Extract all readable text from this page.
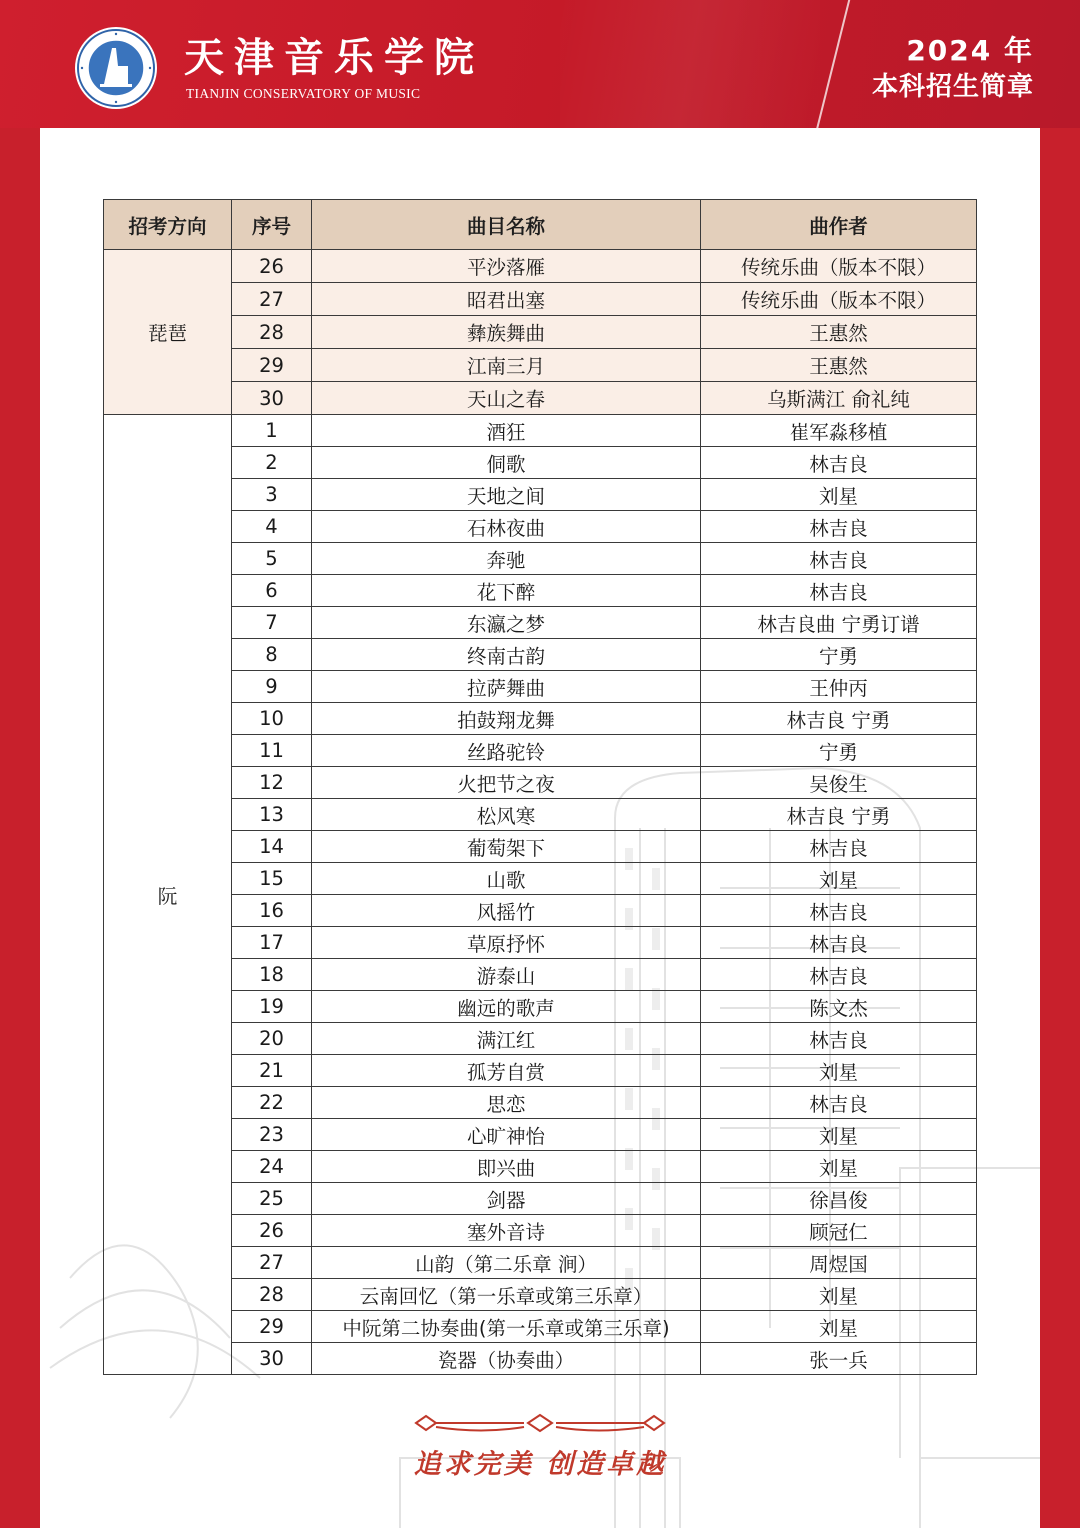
天津音乐学院
TIANJIN CONSERVATORY OF MUSIC
2024 年
本科招生简章
招考方向	序号	曲目名称	曲作者
琵琶	26	平沙落雁	传统乐曲（版本不限）
	27	昭君出塞	传统乐曲（版本不限）
	28	彝族舞曲	王惠然
	29	江南三月	王惠然
	30	天山之春	乌斯满江 俞礼纯
阮	1	酒狂	崔军淼移植
	2	侗歌	林吉良
	3	天地之间	刘星
	4	石林夜曲	林吉良
	5	奔驰	林吉良
	6	花下醉	林吉良
	7	东瀛之梦	林吉良曲 宁勇订谱
	8	终南古韵	宁勇
	9	拉萨舞曲	王仲丙
	10	拍鼓翔龙舞	林吉良 宁勇
	11	丝路驼铃	宁勇
	12	火把节之夜	吴俊生
	13	松风寒	林吉良 宁勇
	14	葡萄架下	林吉良
	15	山歌	刘星
	16	风摇竹	林吉良
	17	草原抒怀	林吉良
	18	游泰山	林吉良
	19	幽远的歌声	陈文杰
	20	满江红	林吉良
	21	孤芳自赏	刘星
	22	思恋	林吉良
	23	心旷神怡	刘星
	24	即兴曲	刘星
	25	剑器	徐昌俊
	26	塞外音诗	顾冠仁
	27	山韵（第二乐章 涧）	周煜国
	28	云南回忆（第一乐章或第三乐章）	刘星
	29	中阮第二协奏曲(第一乐章或第三乐章)	刘星
	30	瓷器（协奏曲）	张一兵
追求完美 创造卓越
